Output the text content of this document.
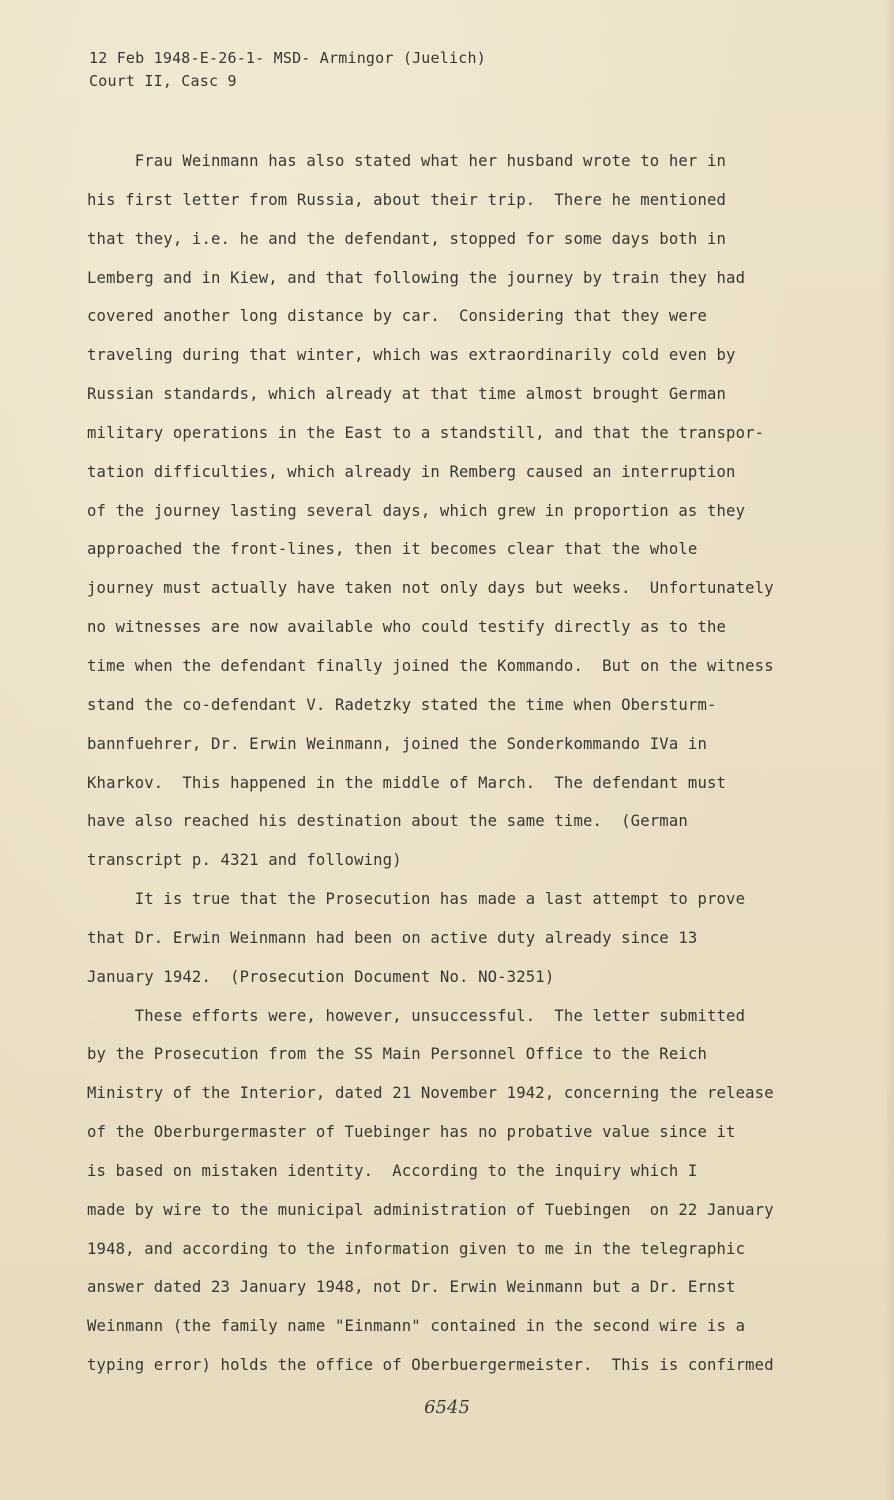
12 Feb 1948-E-26-1- MSD- Armingor (Juelich)
Court II, Casc 9
Frau Weinmann has also stated what her husband wrote to her in
his first letter from Russia, about their trip.  There he mentioned
that they, i.e. he and the defendant, stopped for some days both in
Lemberg and in Kiew, and that following the journey by train they had
covered another long distance by car.  Considering that they were
traveling during that winter, which was extraordinarily cold even by
Russian standards, which already at that time almost brought German
military operations in the East to a standstill, and that the transpor-
tation difficulties, which already in Remberg caused an interruption
of the journey lasting several days, which grew in proportion as they
approached the front-lines, then it becomes clear that the whole
journey must actually have taken not only days but weeks.  Unfortunately
no witnesses are now available who could testify directly as to the
time when the defendant finally joined the Kommando.  But on the witness
stand the co-defendant V. Radetzky stated the time when Obersturm-
bannfuehrer, Dr. Erwin Weinmann, joined the Sonderkommando IVa in
Kharkov.  This happened in the middle of March.  The defendant must
have also reached his destination about the same time.  (German
transcript p. 4321 and following)
It is true that the Prosecution has made a last attempt to prove
that Dr. Erwin Weinmann had been on active duty already since 13
January 1942.  (Prosecution Document No. NO-3251)
These efforts were, however, unsuccessful.  The letter submitted
by the Prosecution from the SS Main Personnel Office to the Reich
Ministry of the Interior, dated 21 November 1942, concerning the release
of the Oberburgermaster of Tuebinger has no probative value since it
is based on mistaken identity.  According to the inquiry which I
made by wire to the municipal administration of Tuebingen  on 22 January
1948, and according to the information given to me in the telegraphic
answer dated 23 January 1948, not Dr. Erwin Weinmann but a Dr. Ernst
Weinmann (the family name "Einmann" contained in the second wire is a
typing error) holds the office of Oberbuergermeister.  This is confirmed
6545
